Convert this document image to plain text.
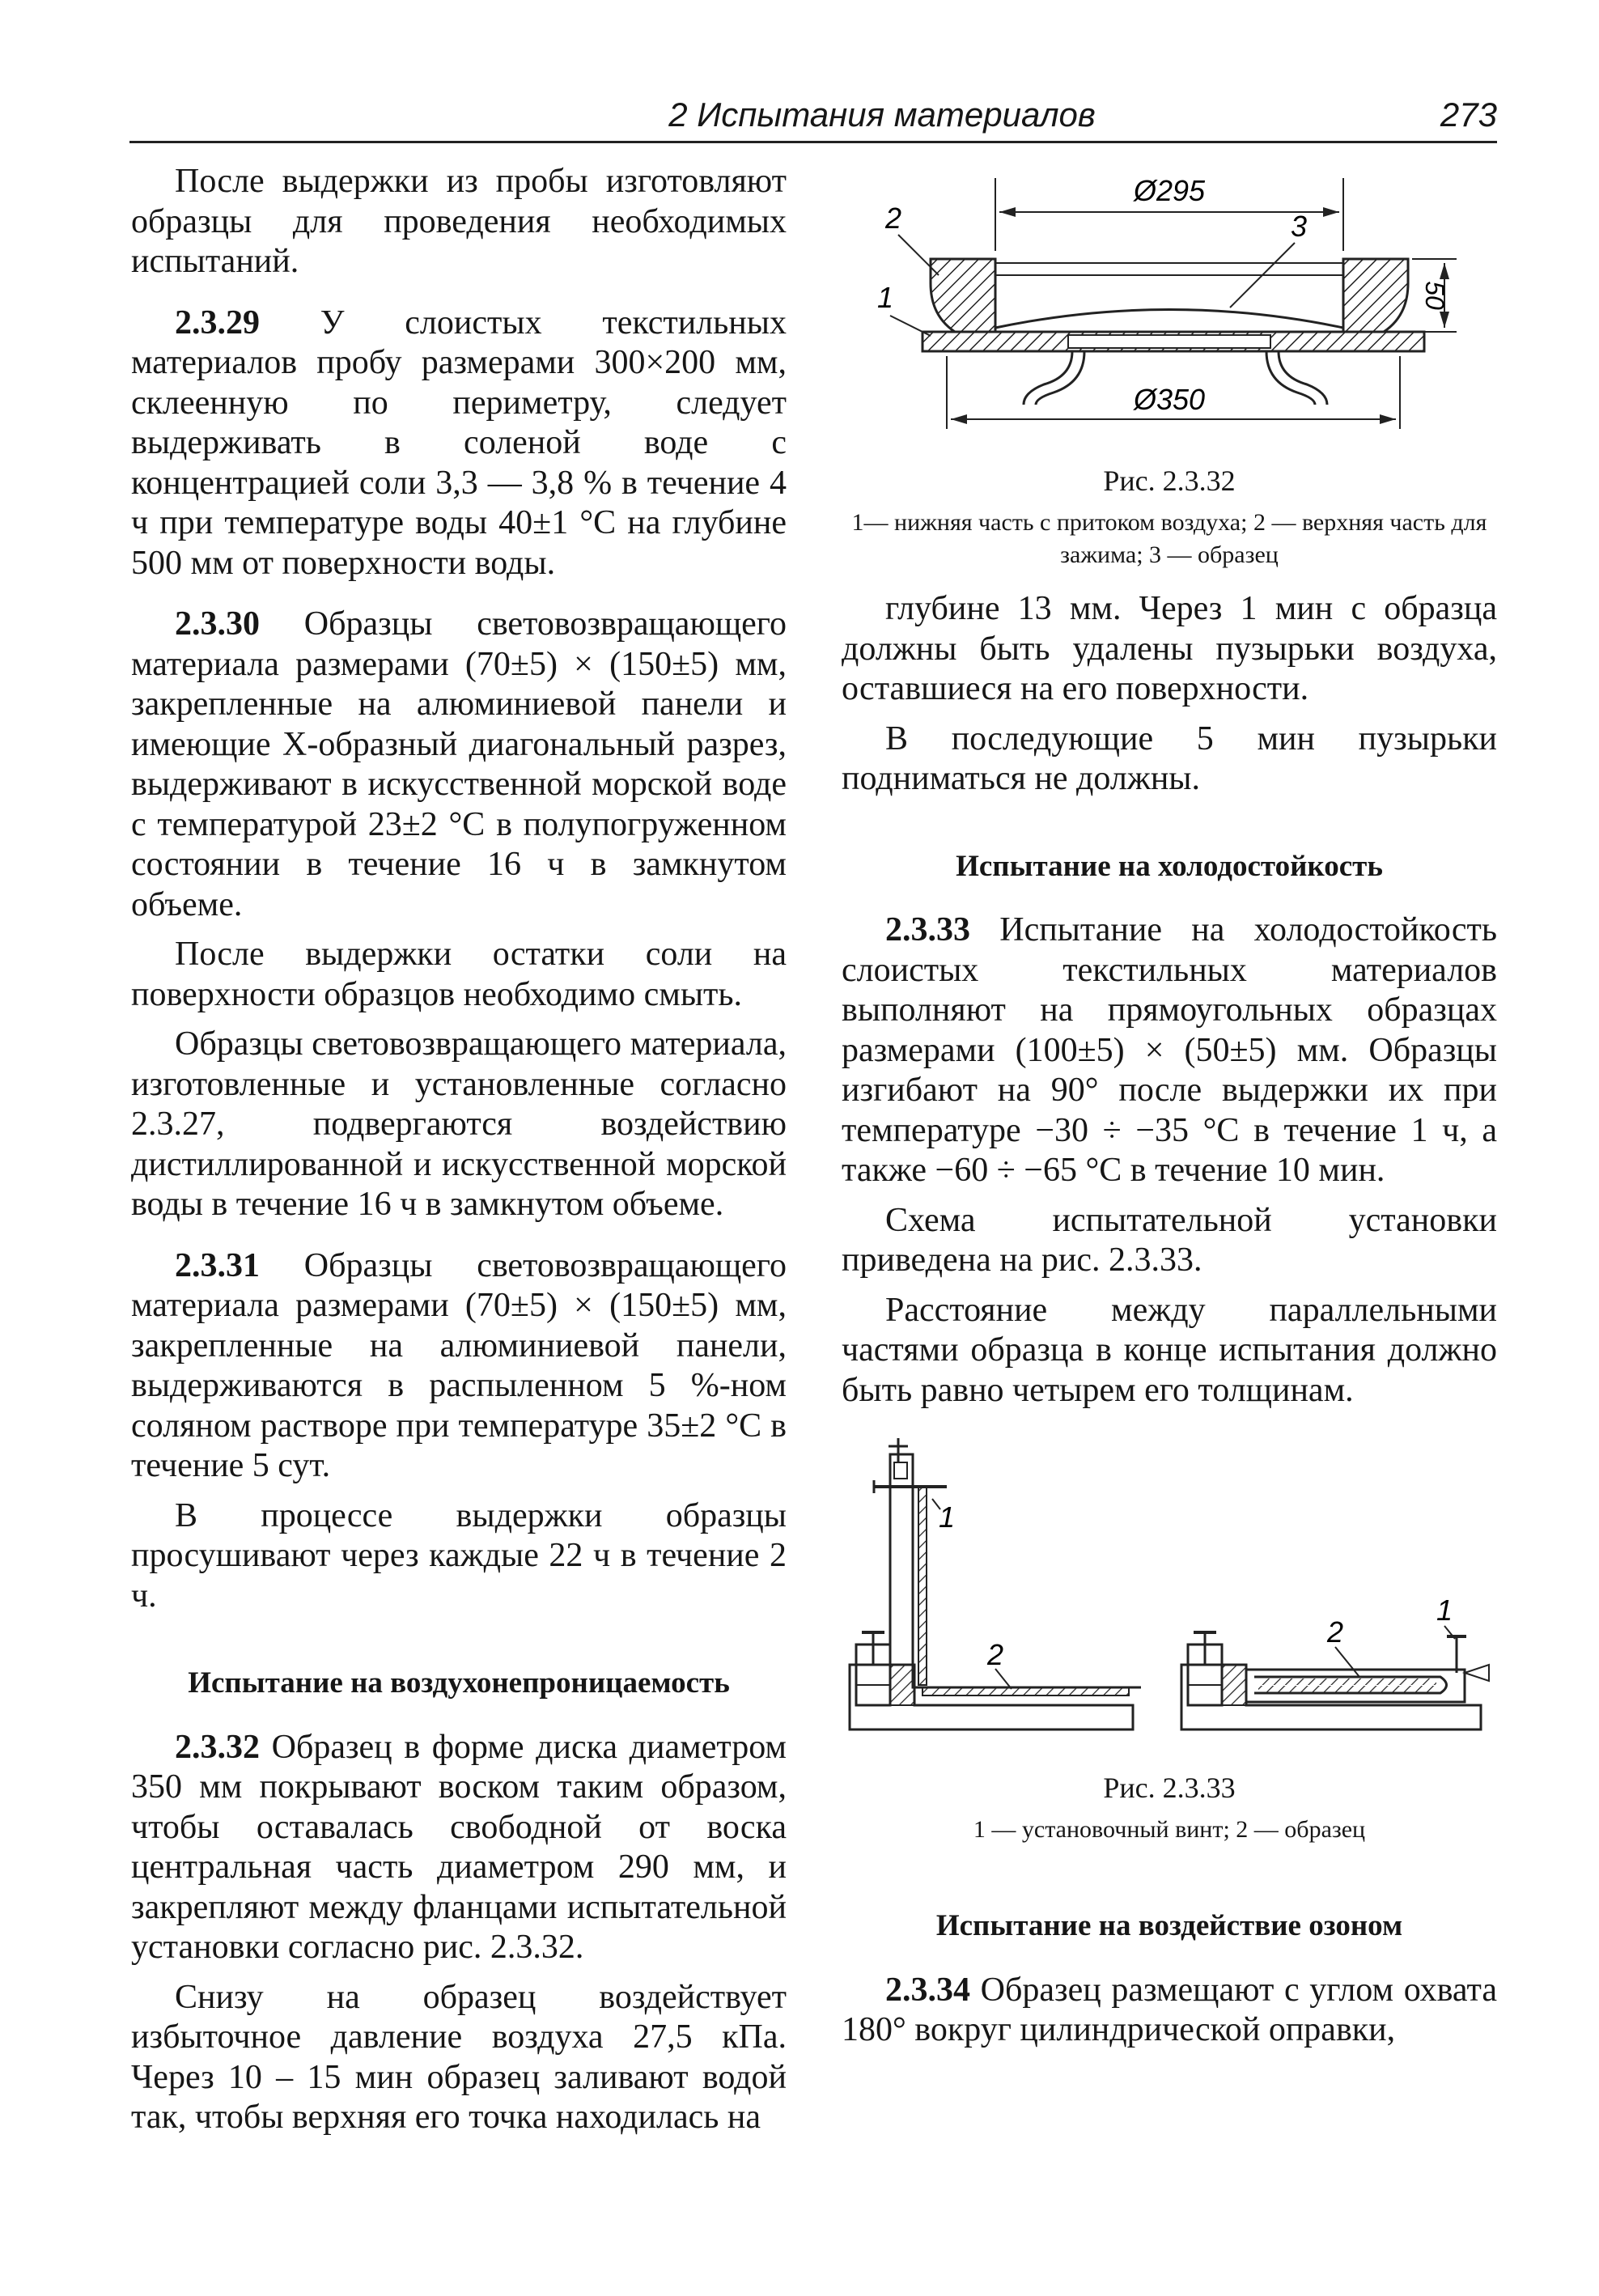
2 Испытания материалов	273

После выдержки из пробы изготовляют образцы для проведения необходимых испытаний.

2.3.29 У слоистых текстильных материалов пробу размерами 300×200 мм, склеенную по периметру, следует выдерживать в соленой воде с концентрацией соли 3,3 — 3,8 % в течение 4 ч при температуре воды 40±1 °С на глубине 500 мм от поверхности воды.

2.3.30 Образцы световозвращающего материала размерами (70±5) × (150±5) мм, закрепленные на алюминиевой панели и имеющие Х-образный диагональный разрез, выдерживают в искусственной морской воде с температурой 23±2 °С в полупогруженном состоянии в течение 16 ч в замкнутом объеме.

После выдержки остатки соли на поверхности образцов необходимо смыть.

Образцы световозвращающего материала, изготовленные и установленные согласно 2.3.27, подвергаются воздействию дистиллированной и искусственной морской воды в течение 16 ч в замкнутом объеме.

2.3.31 Образцы световозвращающего материала размерами (70±5) × (150±5) мм, закрепленные на алюминиевой панели, выдерживаются в распыленном 5 %-ном соляном растворе при температуре 35±2 °С в течение 5 сут.

В процессе выдержки образцы просушивают через каждые 22 ч в течение 2 ч.

Испытание на воздухонепроницаемость

2.3.32 Образец в форме диска диаметром 350 мм покрывают воском таким образом, чтобы оставалась свободной от воска центральная часть диаметром 290 мм, и закрепляют между фланцами испытательной установки согласно рис. 2.3.32.

Снизу на образец воздействует избыточное давление воздуха 27,5 кПа. Через 10 – 15 мин образец заливают водой так, чтобы верхняя его точка находилась на

Ø295
Ø350
50
2
1
3
Рис. 2.3.32
1— нижняя часть с притоком воздуха; 2 — верхняя часть для зажима; 3 — образец

глубине 13 мм. Через 1 мин с образца должны быть удалены пузырьки воздуха, оставшиеся на его поверхности.

В последующие 5 мин пузырьки подниматься не должны.

Испытание на холодостойкость

2.3.33 Испытание на холодостойкость слоистых текстильных материалов выполняют на прямоугольных образцах размерами (100±5) × (50±5) мм. Образцы изгибают на 90° после выдержки их при температуре −30 ÷ −35 °С в течение 1 ч, а также −60 ÷ −65 °С в течение 10 мин.

Схема испытательной установки приведена на рис. 2.3.33.

Расстояние между параллельными частями образца в конце испытания должно быть равно четырем его толщинам.

1
2
2
1
Рис. 2.3.33
1 — установочный винт; 2 — образец
Испытание на воздействие озоном

2.3.34 Образец размещают с углом охвата 180° вокруг цилиндрической оправки,
